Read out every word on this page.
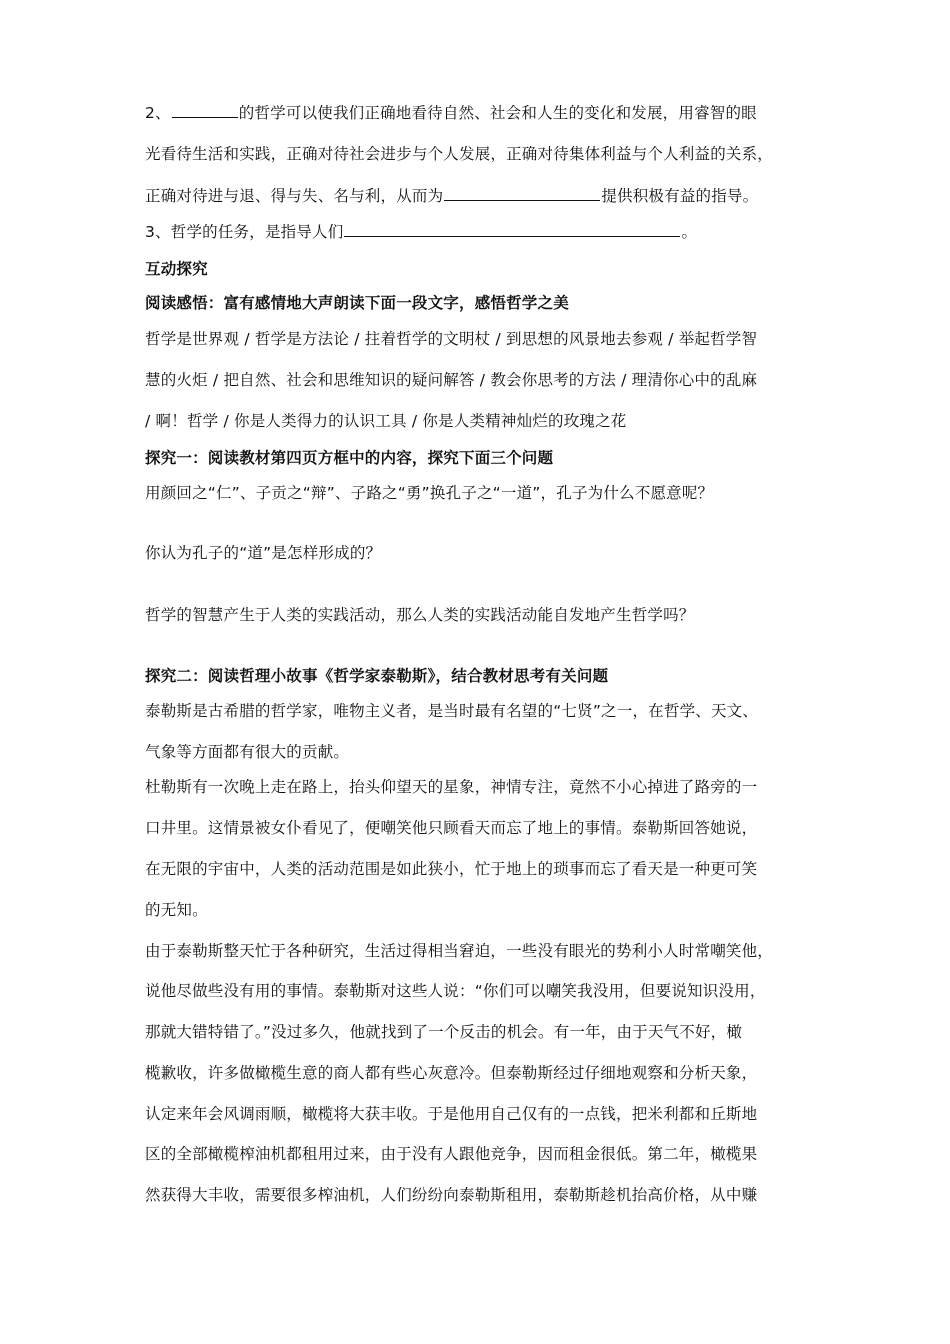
2、	的哲学可以使我们正确地看待自然、社会和人生的变化和发展，用睿智的眼
光看待生活和实践，正确对待社会进步与个人发展，正确对待集体利益与个人利益的关系，
正确对待进与退、得与失、名与利，从而为	提供积极有益的指导。
3、哲学的任务，是指导人们	。
互动探究
阅读感悟：富有感情地大声朗读下面一段文字，感悟哲学之美
哲学是世界观 / 哲学是方法论 / 拄着哲学的文明杖 / 到思想的风景地去参观 / 举起哲学智
慧的火炬 / 把自然、社会和思维知识的疑问解答 / 教会你思考的方法 / 理清你心中的乱麻
/ 啊！哲学 / 你是人类得力的认识工具 / 你是人类精神灿烂的玫瑰之花
探究一：阅读教材第四页方框中的内容，探究下面三个问题
用颜回之“仁”、子贡之“辩”、子路之“勇”换孔子之“一道”，孔子为什么不愿意呢？
你认为孔子的“道”是怎样形成的？
哲学的智慧产生于人类的实践活动，那么人类的实践活动能自发地产生哲学吗？
探究二：阅读哲理小故事《哲学家泰勒斯》，结合教材思考有关问题
泰勒斯是古希腊的哲学家，唯物主义者，是当时最有名望的“七贤”之一，在哲学、天文、
气象等方面都有很大的贡献。
杜勒斯有一次晚上走在路上，抬头仰望天的星象，神情专注，竟然不小心掉进了路旁的一
口井里。这情景被女仆看见了，便嘲笑他只顾看天而忘了地上的事情。泰勒斯回答她说，
在无限的宇宙中，人类的活动范围是如此狭小，忙于地上的琐事而忘了看天是一种更可笑
的无知。
由于泰勒斯整天忙于各种研究，生活过得相当窘迫，一些没有眼光的势利小人时常嘲笑他，
说他尽做些没有用的事情。泰勒斯对这些人说：“你们可以嘲笑我没用，但要说知识没用，
那就大错特错了。”没过多久，他就找到了一个反击的机会。有一年，由于天气不好，橄
榄歉收，许多做橄榄生意的商人都有些心灰意冷。但泰勒斯经过仔细地观察和分析天象，
认定来年会风调雨顺，橄榄将大获丰收。于是他用自己仅有的一点钱，把米利都和丘斯地
区的全部橄榄榨油机都租用过来，由于没有人跟他竞争，因而租金很低。第二年，橄榄果
然获得大丰收，需要很多榨油机，人们纷纷向泰勒斯租用，泰勒斯趁机抬高价格，从中赚
